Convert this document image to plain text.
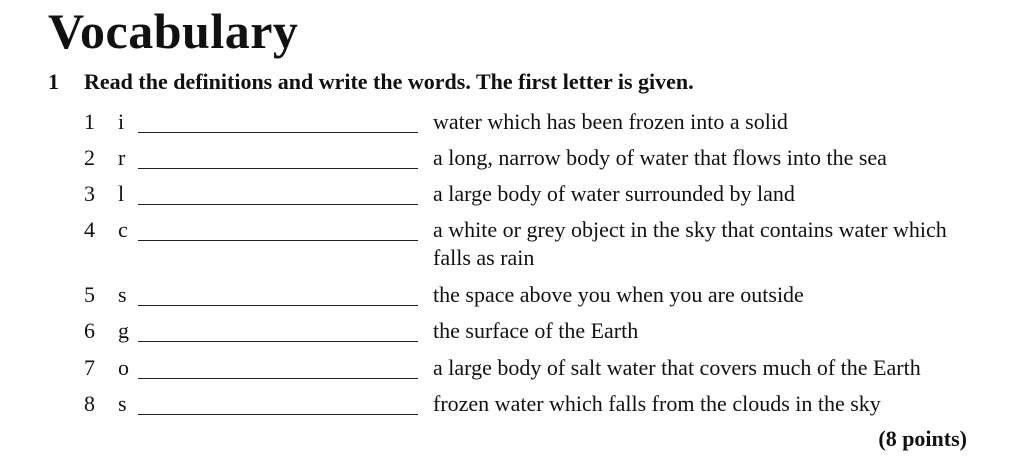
Vocabulary
1 Read the definitions and write the words. The first letter is given.
1 i	water which has been frozen into a solid
2 r	a long, narrow body of water that flows into the sea
3 l	a large body of water surrounded by land
4 c	a white or grey object in the sky that contains water which falls as rain
5 s	the space above you when you are outside
6 g	the surface of the Earth
7 o	a large body of salt water that covers much of the Earth
8 s	frozen water which falls from the clouds in the sky
(8 points)
